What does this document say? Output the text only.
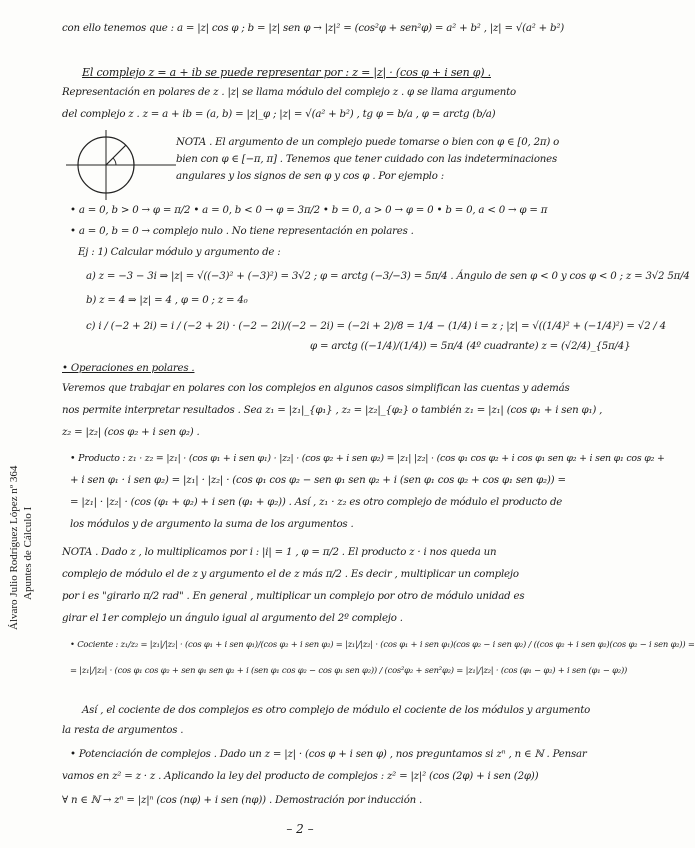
Álvaro Julio Rodríguez López nº 364 Apuntes de Cálculo I
con ello tenemos que : a = |z| cos φ ; b = |z| sen φ → |z|² = (cos²φ + sen²φ) = a² + b² , |z| = √(a² + b²)
El complejo z = a + ib se puede representar por : z = |z| · (cos φ + i sen φ) .
Representación en polares de z . |z| se llama módulo del complejo z . φ se llama argumento
del complejo z . z = a + ib = (a, b) = |z|_φ ; |z| = √(a² + b²) , tg φ = b/a , φ = arctg (b/a)
NOTA . El argumento de un complejo puede tomarse o bien con φ ∈ [0, 2π) o
bien con φ ∈ [−π, π] . Tenemos que tener cuidado con las indeterminaciones
angulares y los signos de sen φ y cos φ . Por ejemplo :
• a = 0, b > 0 → φ = π/2 • a = 0, b < 0 → φ = 3π/2 • b = 0, a > 0 → φ = 0 • b = 0, a < 0 → φ = π
• a = 0, b = 0 → complejo nulo . No tiene representación en polares .
Ej : 1) Calcular módulo y argumento de :
a) z = −3 − 3i ⇒ |z| = √((−3)² + (−3)²) = 3√2 ; φ = arctg (−3/−3) = 5π/4 . Ángulo de sen φ < 0 y cos φ < 0 ; z = 3√2 5π/4
b) z = 4 ⇒ |z| = 4 , φ = 0 ; z = 4₀
c) i / (−2 + 2i) = i / (−2 + 2i) · (−2 − 2i)/(−2 − 2i) = (−2i + 2)/8 = 1/4 − (1/4) i = z ; |z| = √((1/4)² + (−1/4)²) = √2 / 4
φ = arctg ((−1/4)/(1/4)) = 5π/4 (4º cuadrante) z = (√2/4)_{5π/4}
• Operaciones en polares .
Veremos que trabajar en polares con los complejos en algunos casos simplifican las cuentas y además
nos permite interpretar resultados . Sea z₁ = |z₁|_{φ₁} , z₂ = |z₂|_{φ₂} o también z₁ = |z₁| (cos φ₁ + i sen φ₁) ,
z₂ = |z₂| (cos φ₂ + i sen φ₂) .
• Producto : z₁ · z₂ = |z₁| · (cos φ₁ + i sen φ₁) · |z₂| · (cos φ₂ + i sen φ₂) = |z₁| |z₂| · (cos φ₁ cos φ₂ + i cos φ₁ sen φ₂ + i sen φ₁ cos φ₂ +
+ i sen φ₁ · i sen φ₂) = |z₁| · |z₂| · (cos φ₁ cos φ₂ − sen φ₁ sen φ₂ + i (sen φ₁ cos φ₂ + cos φ₁ sen φ₂)) =
= |z₁| · |z₂| · (cos (φ₁ + φ₂) + i sen (φ₁ + φ₂)) . Así , z₁ · z₂ es otro complejo de módulo el producto de
los módulos y de argumento la suma de los argumentos .
NOTA . Dado z , lo multiplicamos por i : |i| = 1 , φ = π/2 . El producto z · i nos queda un
complejo de módulo el de z y argumento el de z más π/2 . Es decir , multiplicar un complejo
por i es "girarlo π/2 rad" . En general , multiplicar un complejo por otro de módulo unidad es
girar el 1er complejo un ángulo igual al argumento del 2º complejo .
• Cociente : z₁/z₂ = |z₁|/|z₂| · (cos φ₁ + i sen φ₁)/(cos φ₂ + i sen φ₂) = |z₁|/|z₂| · (cos φ₁ + i sen φ₁)(cos φ₂ − i sen φ₂) / ((cos φ₂ + i sen φ₂)(cos φ₂ − i sen φ₂)) =
= |z₁|/|z₂| · (cos φ₁ cos φ₂ + sen φ₁ sen φ₂ + i (sen φ₁ cos φ₂ − cos φ₁ sen φ₂)) / (cos²φ₂ + sen²φ₂) = |z₁|/|z₂| · (cos (φ₁ − φ₂) + i sen (φ₁ − φ₂))
Así , el cociente de dos complejos es otro complejo de módulo el cociente de los módulos y argumento
la resta de argumentos .
• Potenciación de complejos . Dado un z = |z| · (cos φ + i sen φ) , nos preguntamos si zⁿ , n ∈ ℕ . Pensar
vamos en z² = z · z . Aplicando la ley del producto de complejos : z² = |z|² (cos (2φ) + i sen (2φ))
∀ n ∈ ℕ → zⁿ = |z|ⁿ (cos (nφ) + i sen (nφ)) . Demostración por inducción .
– 2 –
